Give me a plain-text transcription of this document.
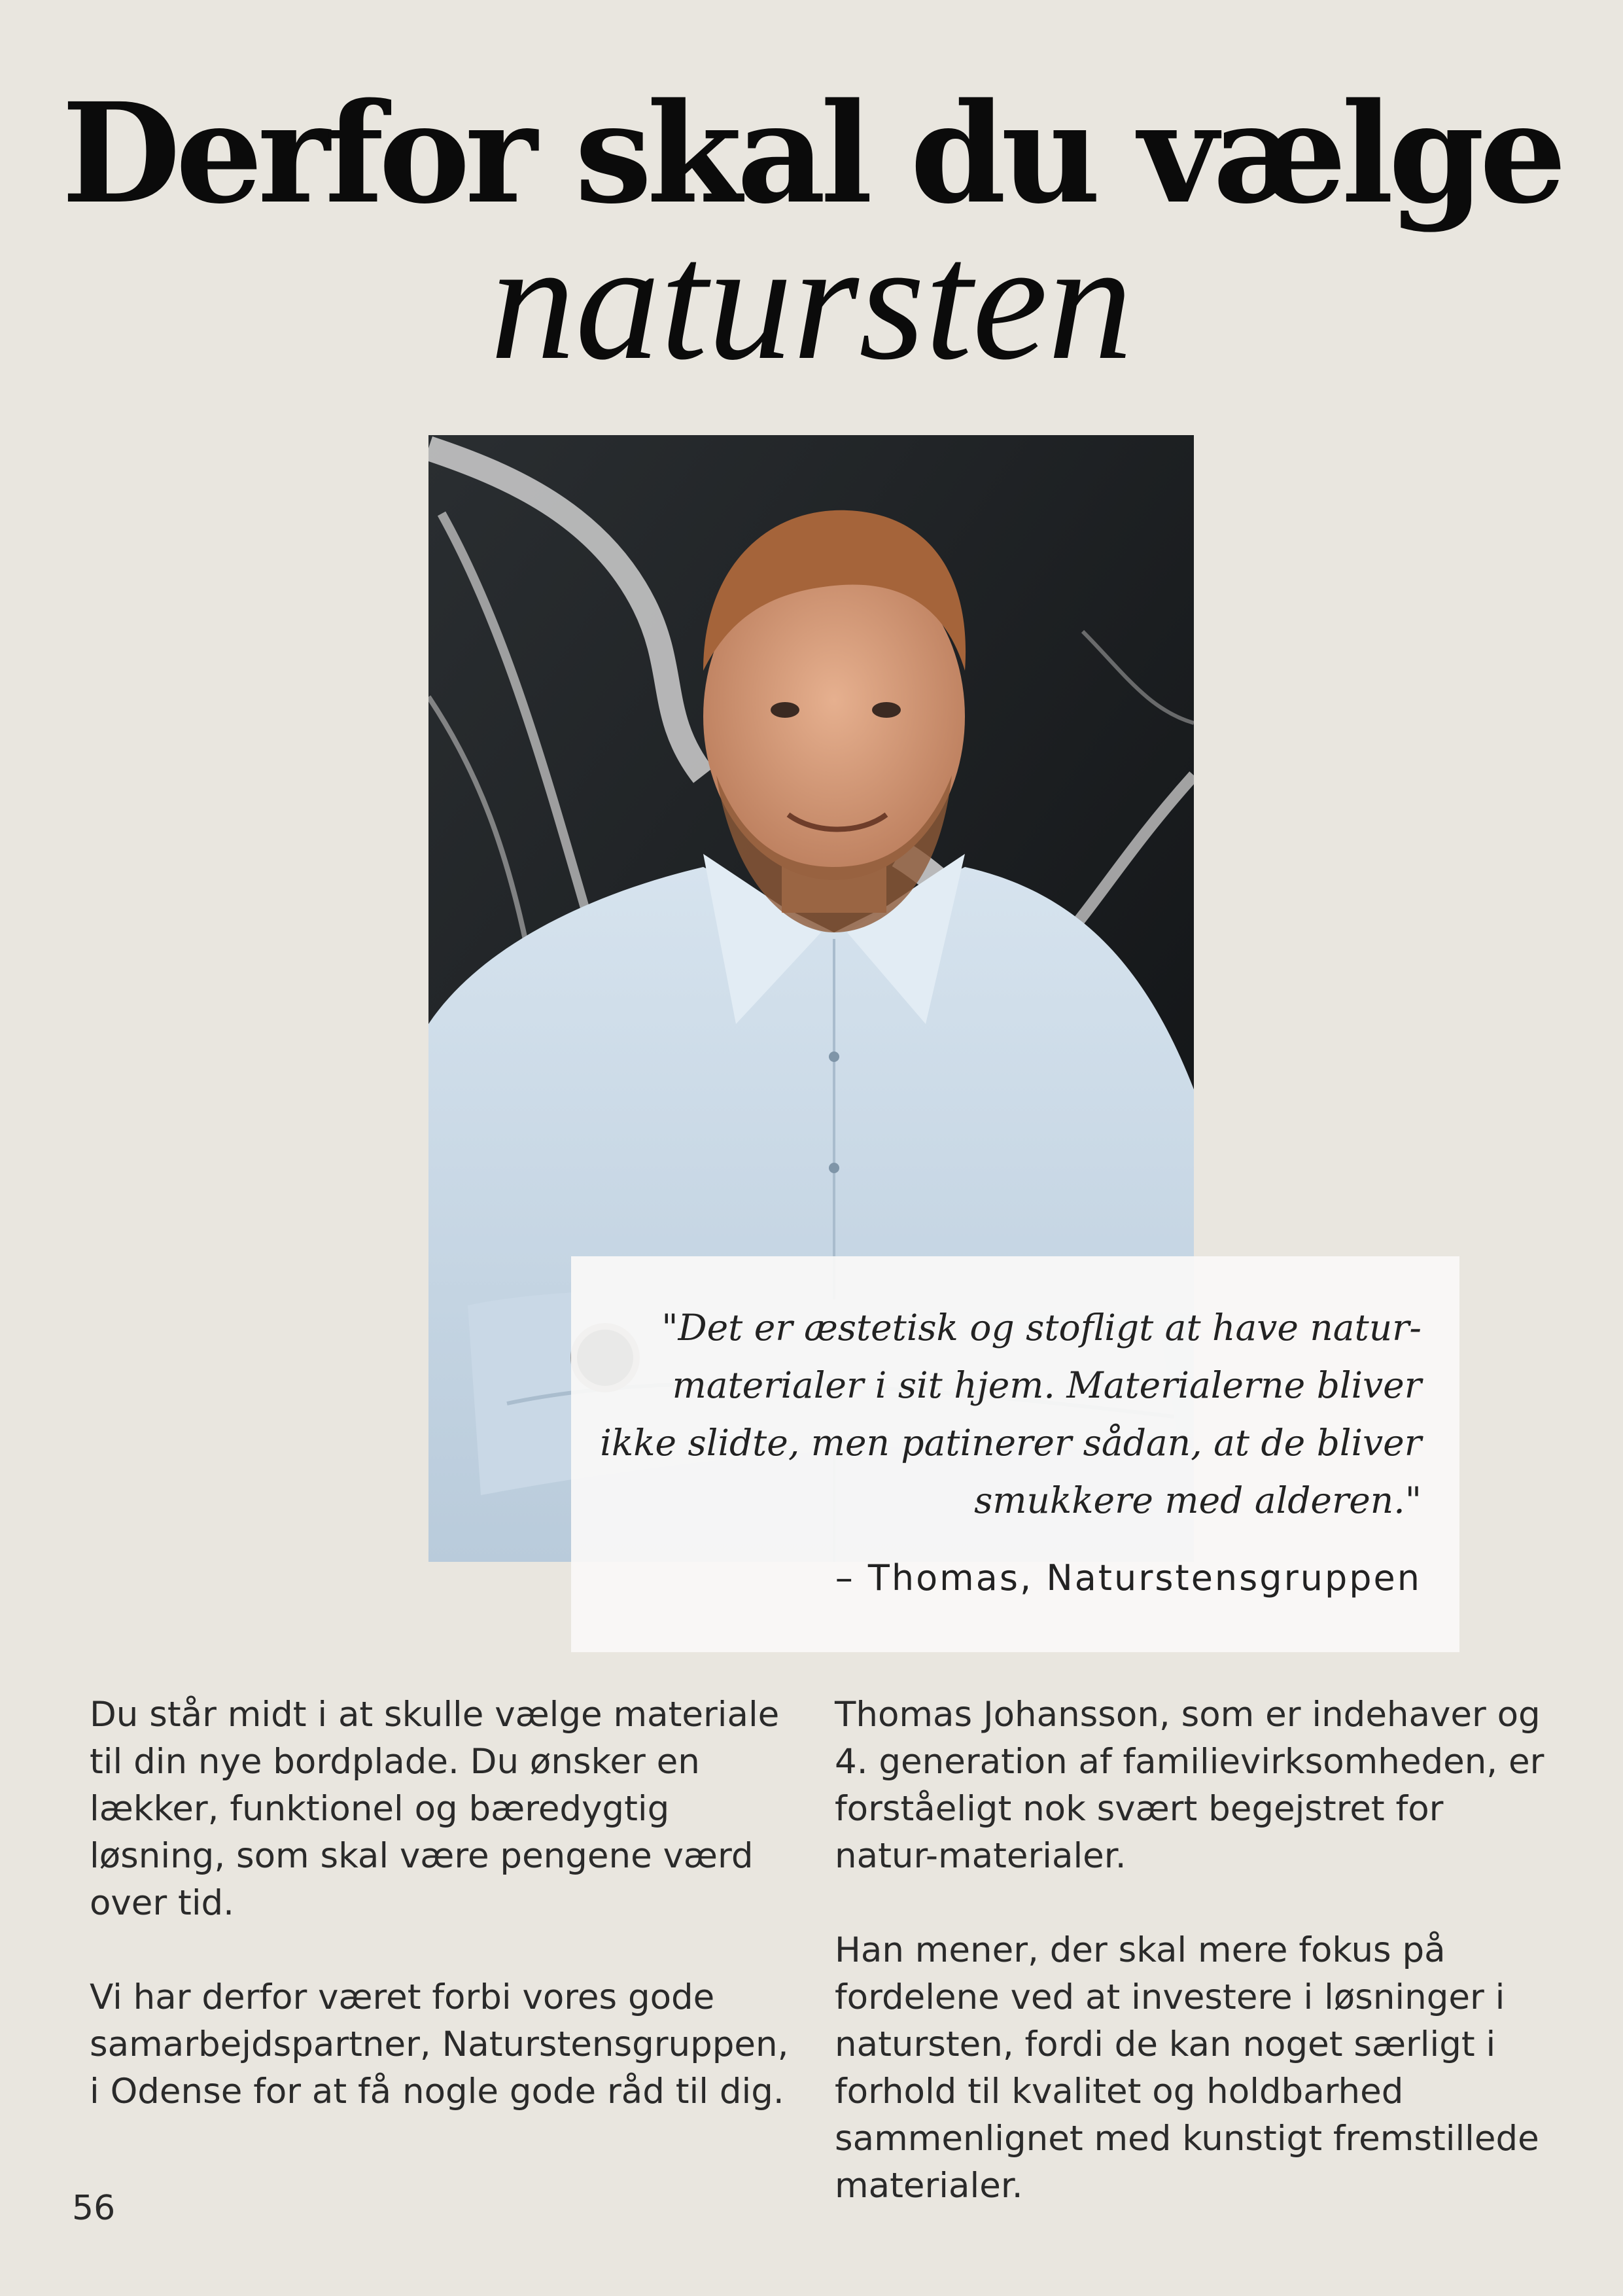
Derfor skal du vælge
natursten
"Det er æstetisk og stofligt at have natur-materialer i sit hjem. Materialerne bliver ikke slidte, men patinerer sådan, at de bliver smukkere med alderen."
– Thomas, Naturstensgruppen

Du står midt i at skulle vælge materiale til din nye bordplade. Du ønsker en lækker, funktionel og bæredygtig løsning, som skal være pengene værd over tid.

Vi har derfor været forbi vores gode samarbejdspartner, Naturstensgruppen, i Odense for at få nogle gode råd til dig.

Thomas Johansson, som er indehaver og 4. generation af familievirksomheden, er forståeligt nok svært begejstret for natur-materialer.

Han mener, der skal mere fokus på fordelene ved at investere i løsninger i natursten, fordi de kan noget særligt i forhold til kvalitet og holdbarhed sammenlignet med kunstigt fremstillede materialer.

56
